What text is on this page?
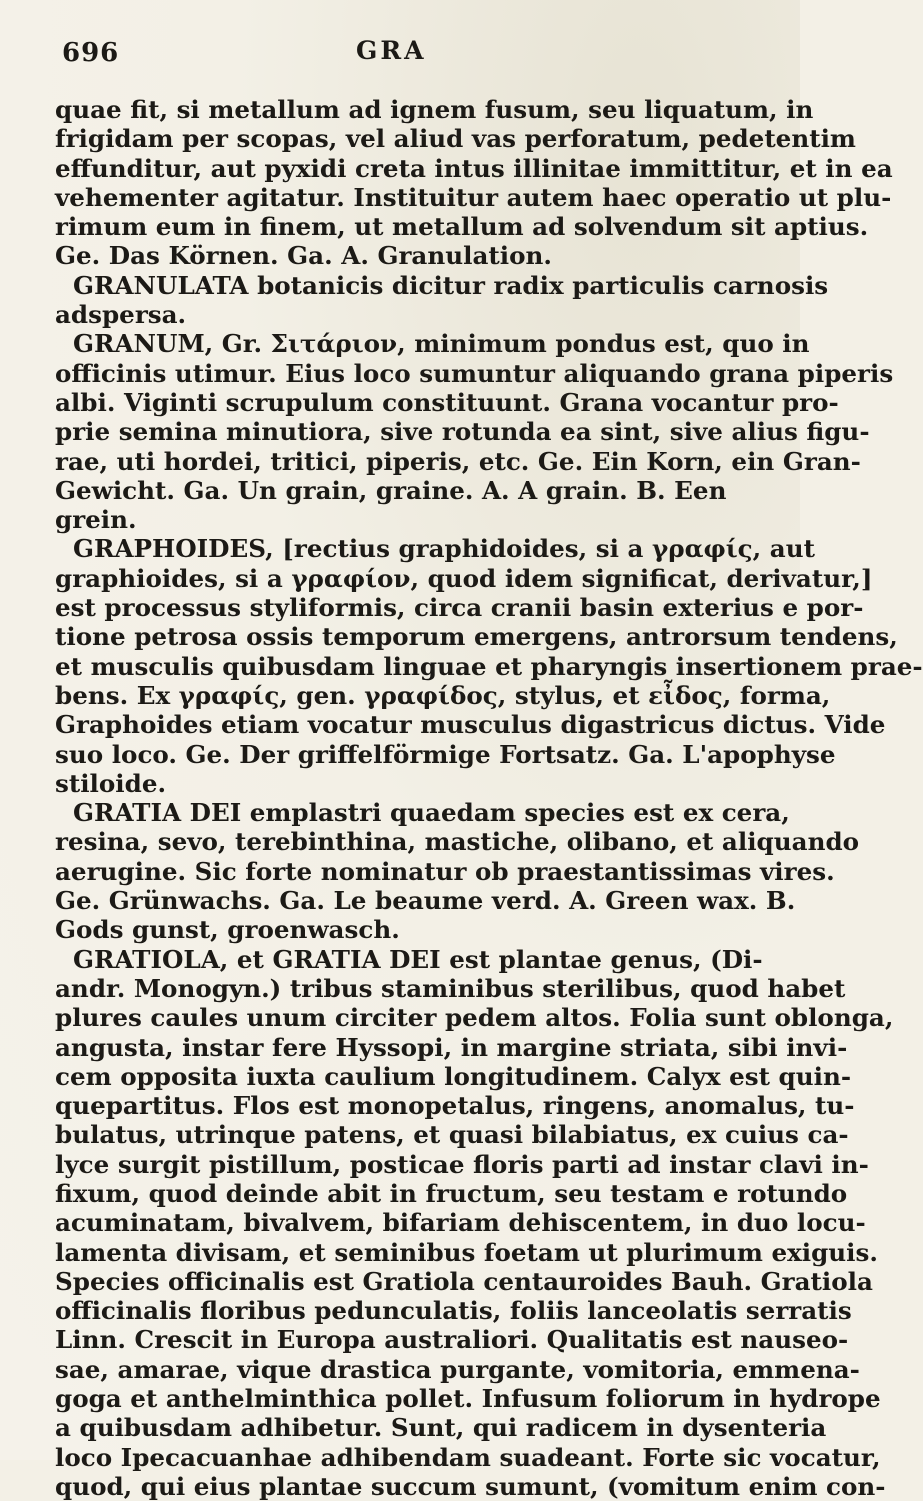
696	GRA
quae fit, si metallum ad ignem fusum, seu liquatum, in
frigidam per scopas, vel aliud vas perforatum, pedetentim
effunditur, aut pyxidi creta intus illinitae immittitur, et in ea
vehementer agitatur. Instituitur autem haec operatio ut plu-
rimum eum in finem, ut metallum ad solvendum sit aptius.
Ge. Das Körnen. Ga. A. Granulation.
GRANULATA botanicis dicitur radix particulis carnosis
adspersa.
GRANUM, Gr. Σιτάριον, minimum pondus est, quo in
officinis utimur. Eius loco sumuntur aliquando grana piperis
albi. Viginti scrupulum constituunt. Grana vocantur pro-
prie semina minutiora, sive rotunda ea sint, sive alius figu-
rae, uti hordei, tritici, piperis, etc. Ge. Ein Korn, ein Gran-
Gewicht. Ga. Un grain, graine. A. A grain. B. Een
grein.
GRAPHOIDES, [rectius graphidoides, si a γραφίς, aut
graphioides, si a γραφίον, quod idem significat, derivatur,]
est processus styliformis, circa cranii basin exterius e por-
tione petrosa ossis temporum emergens, antrorsum tendens,
et musculis quibusdam linguae et pharyngis insertionem prae-
bens. Ex γραφίς, gen. γραφίδος, stylus, et εἶδος, forma,
Graphoides etiam vocatur musculus digastricus dictus. Vide
suo loco. Ge. Der griffelförmige Fortsatz. Ga. L'apophyse
stiloide.
GRATIA DEI emplastri quaedam species est ex cera,
resina, sevo, terebinthina, mastiche, olibano, et aliquando
aerugine. Sic forte nominatur ob praestantissimas vires.
Ge. Grünwachs. Ga. Le beaume verd. A. Green wax. B.
Gods gunst, groenwasch.
GRATIOLA, et GRATIA DEI est plantae genus, (Di-
andr. Monogyn.) tribus staminibus sterilibus, quod habet
plures caules unum circiter pedem altos. Folia sunt oblonga,
angusta, instar fere Hyssopi, in margine striata, sibi invi-
cem opposita iuxta caulium longitudinem. Calyx est quin-
quepartitus. Flos est monopetalus, ringens, anomalus, tu-
bulatus, utrinque patens, et quasi bilabiatus, ex cuius ca-
lyce surgit pistillum, posticae floris parti ad instar clavi in-
fixum, quod deinde abit in fructum, seu testam e rotundo
acuminatam, bivalvem, bifariam dehiscentem, in duo locu-
lamenta divisam, et seminibus foetam ut plurimum exiguis.
Species officinalis est Gratiola centauroides Bauh. Gratiola
officinalis floribus pedunculatis, foliis lanceolatis serratis
Linn. Crescit in Europa australiori. Qualitatis est nauseo-
sae, amarae, vique drastica purgante, vomitoria, emmena-
goga et anthelminthica pollet. Infusum foliorum in hydrope
a quibusdam adhibetur. Sunt, qui radicem in dysenteria
loco Ipecacuanhae adhibendam suadeant. Forte sic vocatur,
quod, qui eius plantae succum sumunt, (vomitum enim con-
